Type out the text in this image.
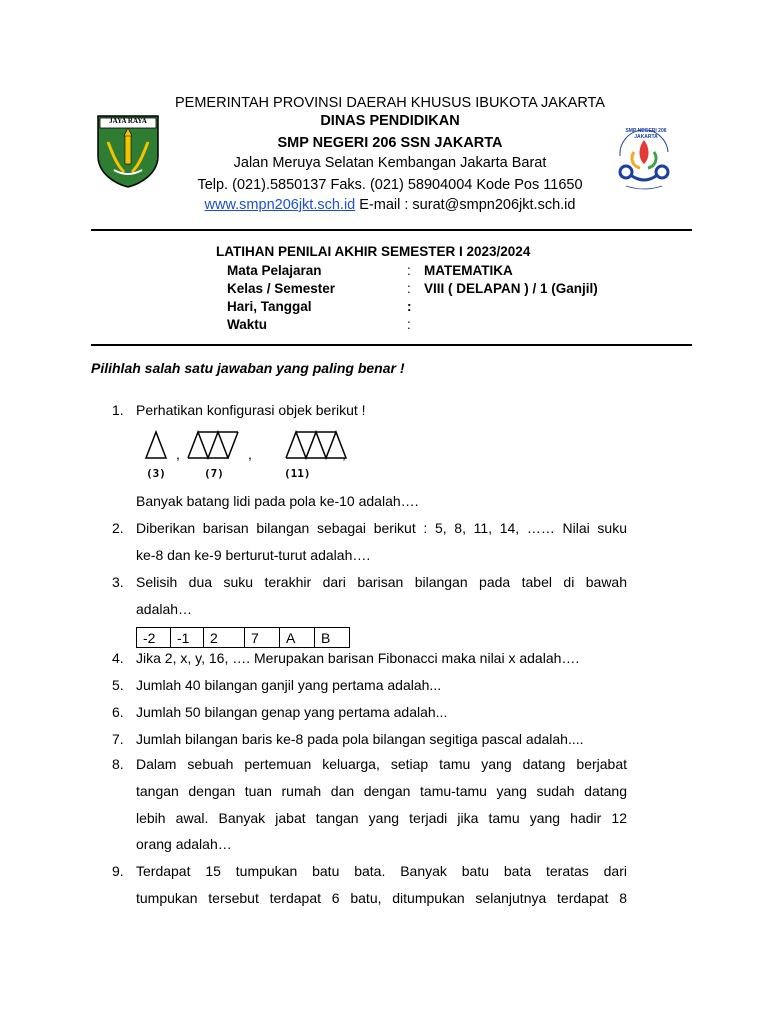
JAYA RAYA
SMP NEGERI 206 JAKARTA
PEMERINTAH PROVINSI DAERAH KHUSUS IBUKOTA JAKARTA
DINAS PENDIDIKAN
SMP NEGERI 206 SSN JAKARTA
Jalan Meruya Selatan Kembangan Jakarta Barat
Telp. (021).5850137 Faks. (021) 58904004 Kode Pos 11650
www.smpn206jkt.sch.id E-mail : surat@smpn206jkt.sch.id
LATIHAN PENILAI AKHIR SEMESTER I 2023/2024
Mata Pelajaran	: MATEMATIKA
Kelas / Semester	: VIII ( DELAPAN ) / 1 (Ganjil)
Hari, Tanggal	:
Waktu	:
Pilihlah salah satu jawaban yang paling benar !
1. Perhatikan konfigurasi objek berikut !
,	,	,
(3)	(7)	(11)
Banyak batang lidi pada pola ke-10 adalah….
2. Diberikan barisan bilangan sebagai berikut : 5, 8, 11, 14, …… Nilai suku
ke-8 dan ke-9 berturut-turut adalah….
3. Selisih dua suku terakhir dari barisan bilangan pada tabel di bawah
adalah…
-2	-1	2	7	A	B
4. Jika 2, x, y, 16, …. Merupakan barisan Fibonacci maka nilai x adalah….
5. Jumlah 40 bilangan ganjil yang pertama adalah...
6. Jumlah 50 bilangan genap yang pertama adalah...
7. Jumlah bilangan baris ke-8 pada pola bilangan segitiga pascal adalah....
8. Dalam sebuah pertemuan keluarga, setiap tamu yang datang berjabat
tangan dengan tuan rumah dan dengan tamu-tamu yang sudah datang
lebih awal. Banyak jabat tangan yang terjadi jika tamu yang hadir 12
orang adalah…
9. Terdapat 15 tumpukan batu bata. Banyak batu bata teratas dari
tumpukan tersebut terdapat 6 batu, ditumpukan selanjutnya terdapat 8
